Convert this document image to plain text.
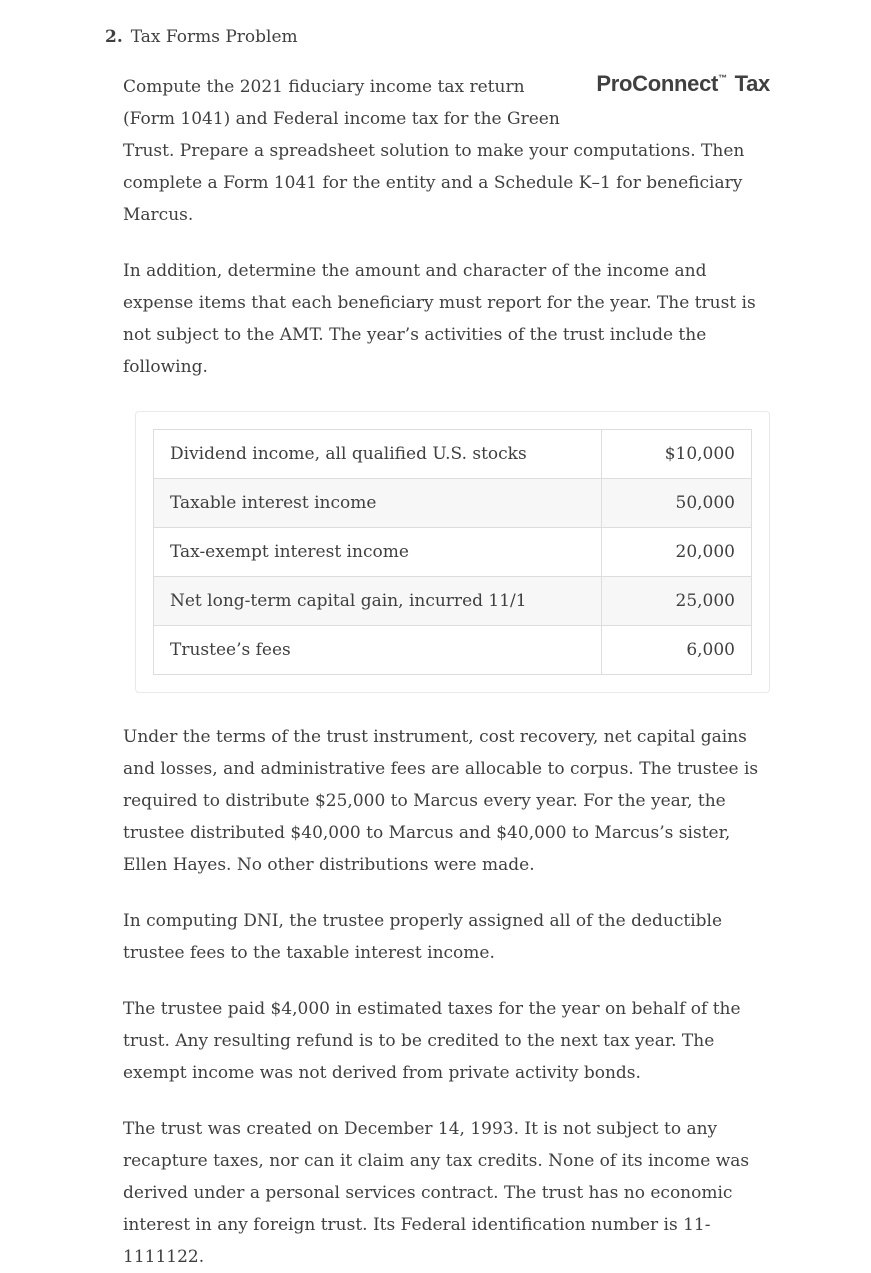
2. Tax Forms Problem
ProConnect™ Tax

Compute the 2021 fiduciary income tax return (Form 1041) and Federal income tax for the Green Trust. Prepare a spreadsheet solution to make your computations. Then complete a Form 1041 for the entity and a Schedule K–1 for beneficiary Marcus.

In addition, determine the amount and character of the income and expense items that each beneficiary must report for the year. The trust is not subject to the AMT. The year’s activities of the trust include the following.

Dividend income, all qualified U.S. stocks	$10,000
Taxable interest income	50,000
Tax-exempt interest income	20,000
Net long-term capital gain, incurred 11/1	25,000
Trustee’s fees	6,000

Under the terms of the trust instrument, cost recovery, net capital gains and losses, and administrative fees are allocable to corpus. The trustee is required to distribute $25,000 to Marcus every year. For the year, the trustee distributed $40,000 to Marcus and $40,000 to Marcus’s sister, Ellen Hayes. No other distributions were made.

In computing DNI, the trustee properly assigned all of the deductible trustee fees to the taxable interest income.

The trustee paid $4,000 in estimated taxes for the year on behalf of the trust. Any resulting refund is to be credited to the next tax year. The exempt income was not derived from private activity bonds.

The trust was created on December 14, 1993. It is not subject to any recapture taxes, nor can it claim any tax credits. None of its income was derived under a personal services contract. The trust has no economic interest in any foreign trust. Its Federal identification number is 11-1111122.
